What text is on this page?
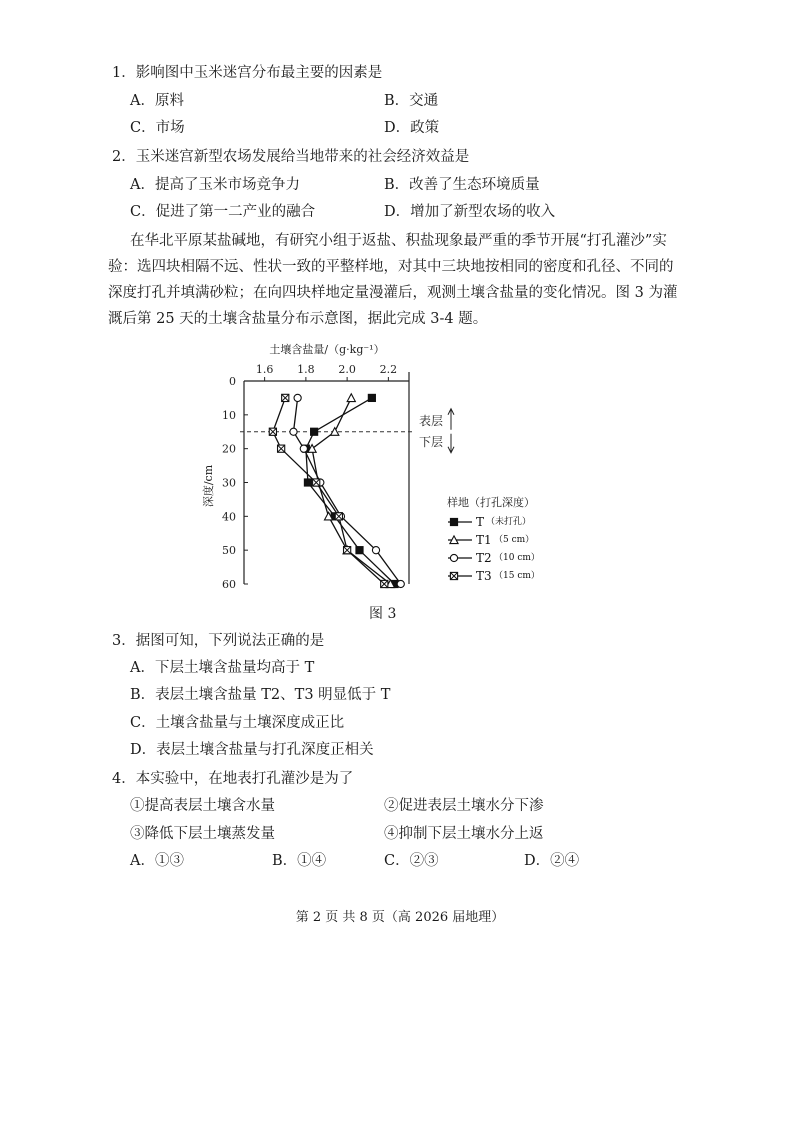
1．影响图中玉米迷宫分布最主要的因素是
A．原料	B．交通
C．市场	D．政策
2．玉米迷宫新型农场发展给当地带来的社会经济效益是
A．提高了玉米市场竞争力	B．改善了生态环境质量
C．促进了第一二产业的融合	D．增加了新型农场的收入
在华北平原某盐碱地，有研究小组于返盐、积盐现象最严重的季节开展“打孔灌沙”实
验：选四块相隔不远、性状一致的平整样地，对其中三块地按相同的密度和孔径、不同的
深度打孔并填满砂粒；在向四块样地定量漫灌后，观测土壤含盐量的变化情况。图 3 为灌
溉后第 25 天的土壤含盐量分布示意图，据此完成 3-4 题。
土壤含盐量/（g·kg⁻¹）
深度/cm
表层
下层
1.6 1.8 2.0 2.2
0
10
20
30
40
50
60
样地（打孔深度）
T （未打孔）
T1 （5 cm）
T2 （10 cm）
T3 （15 cm）
图 3
3．据图可知，下列说法正确的是
A．下层土壤含盐量均高于 T
B．表层土壤含盐量 T2、T3 明显低于 T
C．土壤含盐量与土壤深度成正比
D．表层土壤含盐量与打孔深度正相关
4．本实验中，在地表打孔灌沙是为了
①提高表层土壤含水量	②促进表层土壤水分下渗
③降低下层土壤蒸发量	④抑制下层土壤水分上返
A．①③	B．①④	C．②③	D．②④
第 2 页 共 8 页（高 2026 届地理）
